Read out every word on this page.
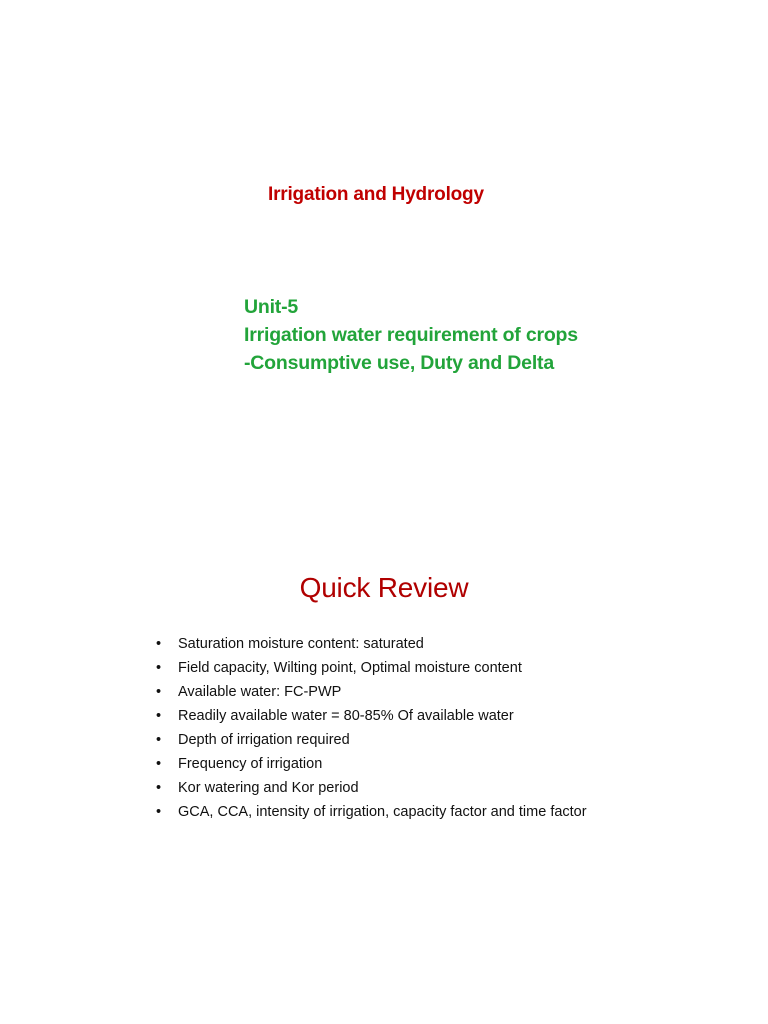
Irrigation and Hydrology
Unit-5
Irrigation water requirement of crops
-Consumptive use, Duty and Delta
Quick Review
• Saturation moisture content: saturated
• Field capacity, Wilting point, Optimal moisture content
• Available water: FC-PWP
• Readily available water = 80-85% Of available water
• Depth of irrigation required
• Frequency of irrigation
• Kor watering and Kor period
• GCA, CCA, intensity of irrigation, capacity factor and time factor
